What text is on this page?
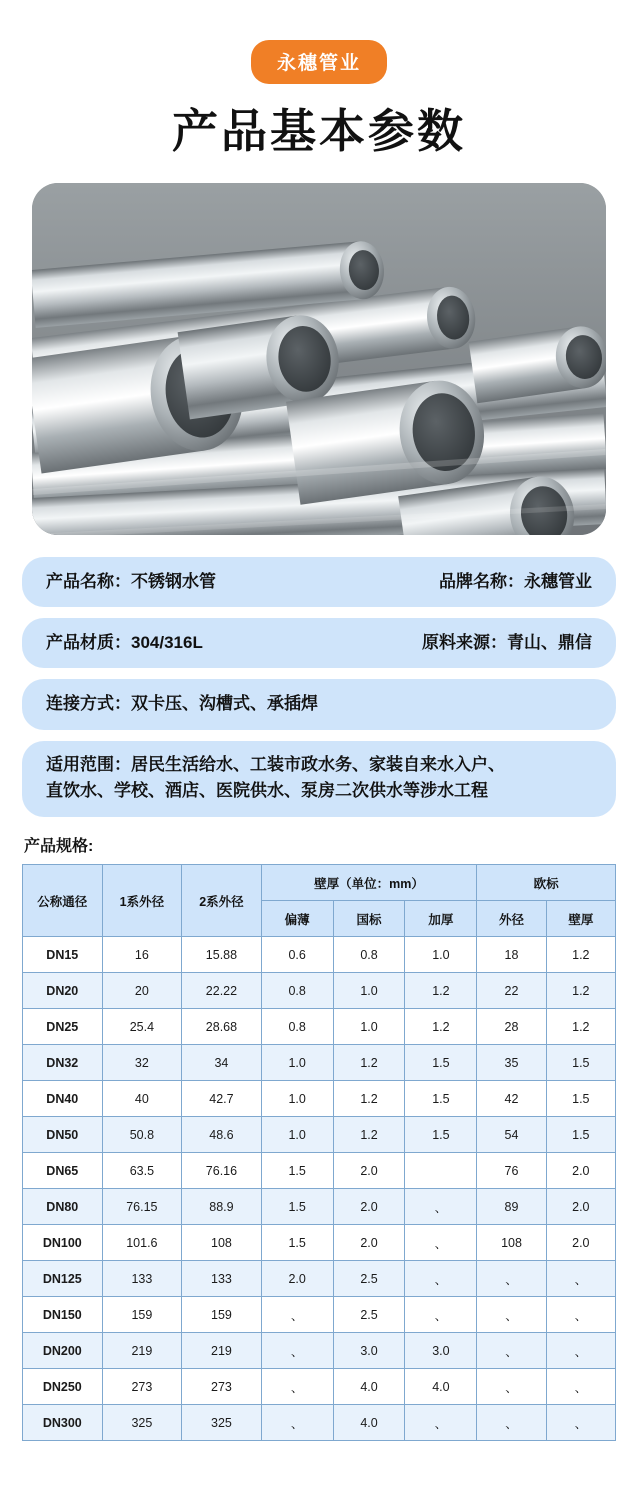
永穗管业
产品基本参数
产品名称：不锈钢水管	品牌名称：永穗管业
产品材质：304/316L	原料来源：青山、鼎信
连接方式：双卡压、沟槽式、承插焊
适用范围：居民生活给水、工装市政水务、家装自来水入户、
直饮水、学校、酒店、医院供水、泵房二次供水等涉水工程
产品规格:
公称通径	1系外径	2系外径	壁厚（单位：mm）			欧标	
			偏薄	国标	加厚	外径	壁厚
DN15	16	15.88	0.6	0.8	1.0	18	1.2
DN20	20	22.22	0.8	1.0	1.2	22	1.2
DN25	25.4	28.68	0.8	1.0	1.2	28	1.2
DN32	32	34	1.0	1.2	1.5	35	1.5
DN40	40	42.7	1.0	1.2	1.5	42	1.5
DN50	50.8	48.6	1.0	1.2	1.5	54	1.5
DN65	63.5	76.16	1.5	2.0		76	2.0
DN80	76.15	88.9	1.5	2.0	、	89	2.0
DN100	101.6	108	1.5	2.0	、	108	2.0
DN125	133	133	2.0	2.5	、	、	、
DN150	159	159	、	2.5	、	、	、
DN200	219	219	、	3.0	3.0	、	、
DN250	273	273	、	4.0	4.0	、	、
DN300	325	325	、	4.0	、	、	、
